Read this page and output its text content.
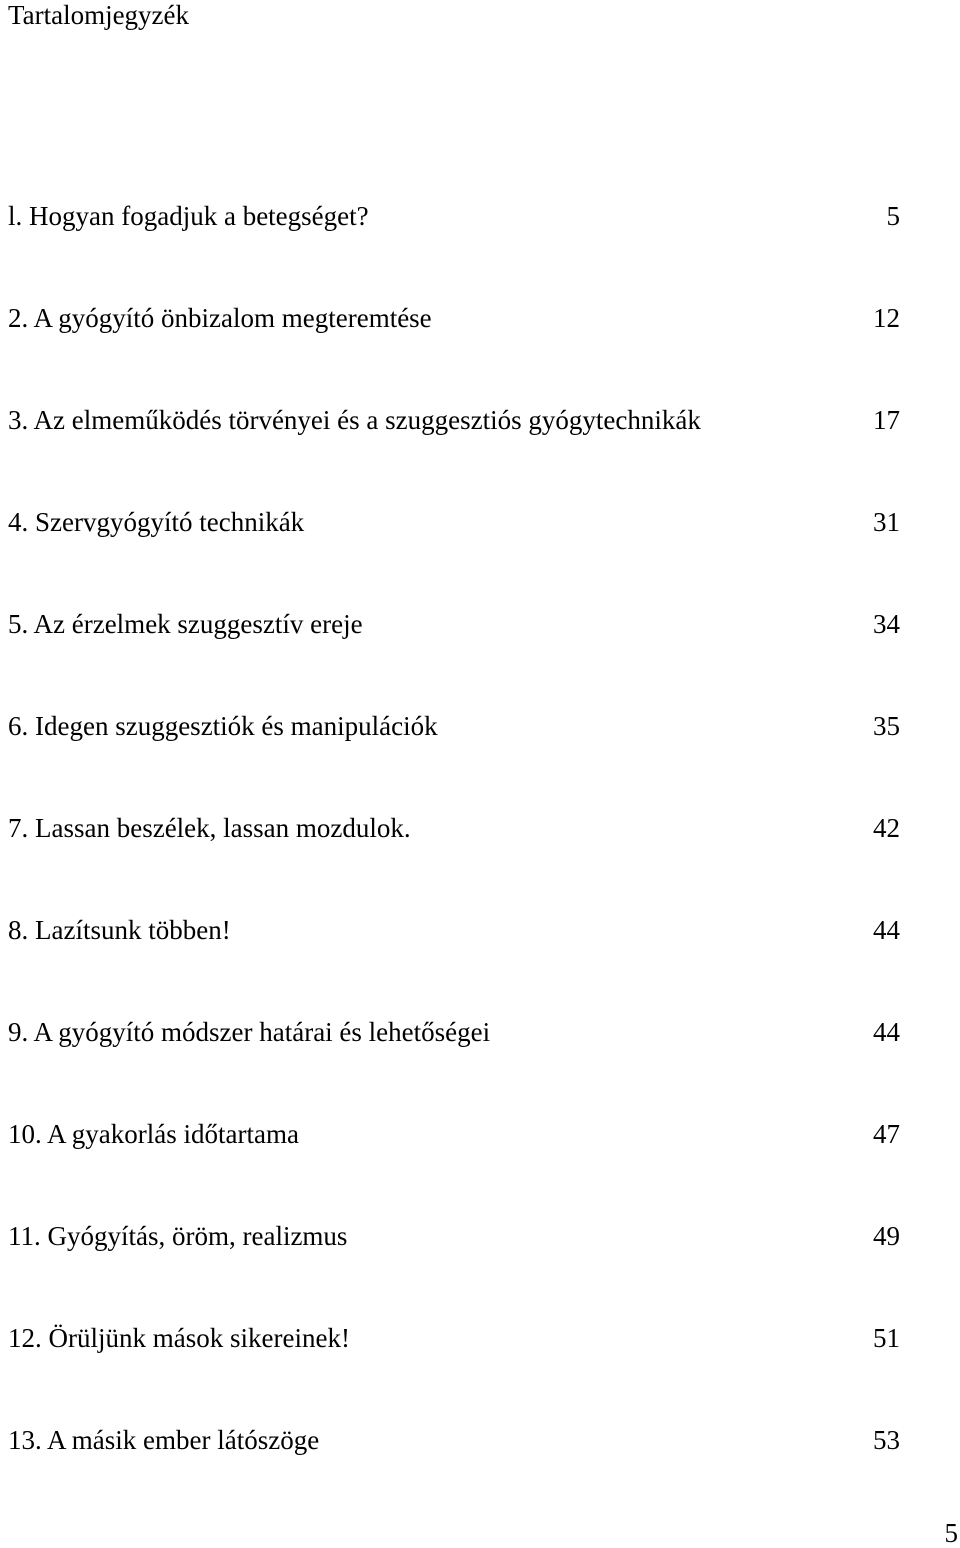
Tartalomjegyzék
l. Hogyan fogadjuk a betegséget?	5
2. A gyógyító önbizalom megteremtése	12
3. Az elmeműködés törvényei és a szuggesztiós gyógytechnikák	17
4. Szervgyógyító technikák	31
5. Az érzelmek szuggesztív ereje	34
6. Idegen szuggesztiók és manipulációk	35
7. Lassan beszélek, lassan mozdulok.	42
8. Lazítsunk többen!	44
9. A gyógyító módszer határai és lehetőségei	44
10. A gyakorlás időtartama	47
11. Gyógyítás, öröm, realizmus	49
12. Örüljünk mások sikereinek!	51
13. A másik ember látószöge	53
5
